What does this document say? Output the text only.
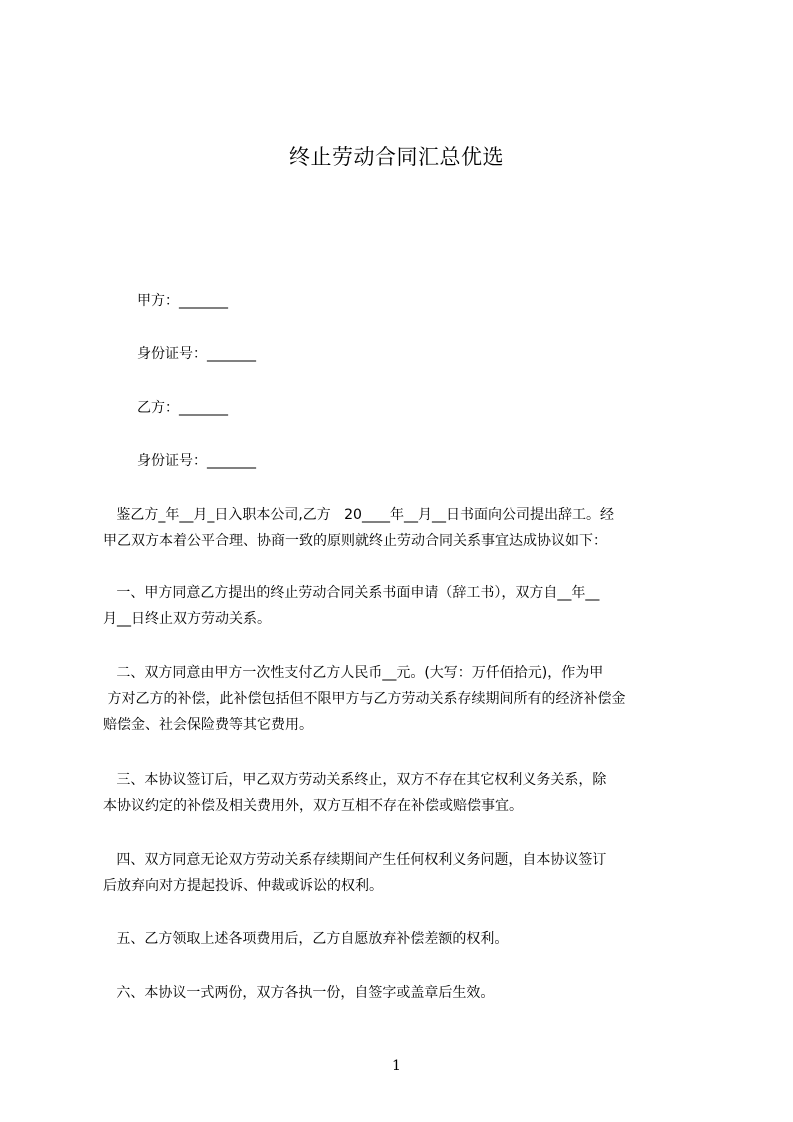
终止劳动合同汇总优选
甲方：_______
身份证号：_______
乙方：_______
身份证号：_______
鉴乙方_年__月_日入职本公司,乙方   20____年__月__日书面向公司提出辞工。经
甲乙双方本着公平合理、协商一致的原则就终止劳动合同关系事宜达成协议如下：
一、甲方同意乙方提出的终止劳动合同关系书面申请（辞工书），双方自__年__
月__日终止双方劳动关系。
二、双方同意由甲方一次性支付乙方人民币__元。(大写：万仟佰拾元)，作为甲
方对乙方的补偿，此补偿包括但不限甲方与乙方劳动关系存续期间所有的经济补偿金
赔偿金、社会保险费等其它费用。
三、本协议签订后，甲乙双方劳动关系终止，双方不存在其它权利义务关系，除
本协议约定的补偿及相关费用外，双方互相不存在补偿或赔偿事宜。
四、双方同意无论双方劳动关系存续期间产生任何权利义务问题，自本协议签订
后放弃向对方提起投诉、仲裁或诉讼的权利。
五、乙方领取上述各项费用后，乙方自愿放弃补偿差额的权利。
六、本协议一式两份，双方各执一份，自签字或盖章后生效。
1
